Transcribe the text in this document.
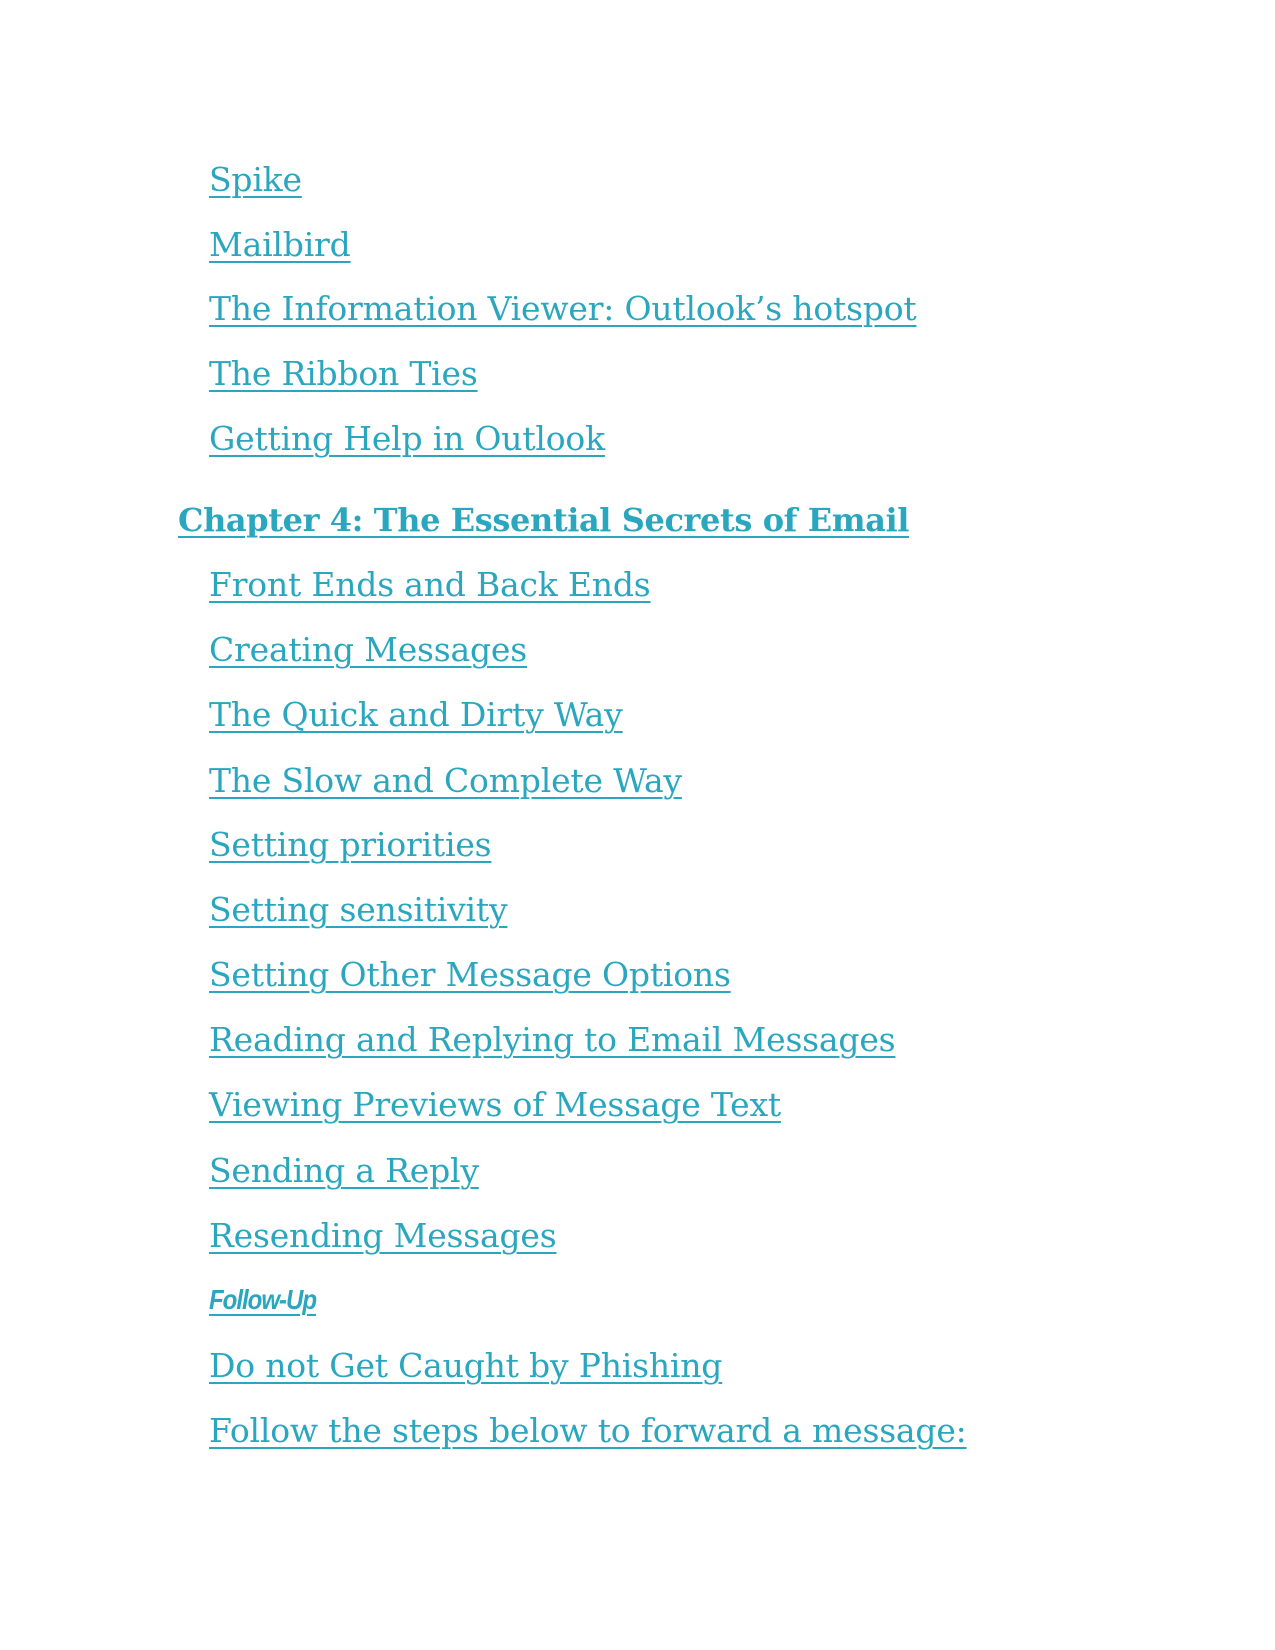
Spike
Mailbird
The Information Viewer: Outlook’s hotspot
The Ribbon Ties
Getting Help in Outlook
Chapter 4: The Essential Secrets of Email
Front Ends and Back Ends
Creating Messages
The Quick and Dirty Way
The Slow and Complete Way
Setting priorities
Setting sensitivity
Setting Other Message Options
Reading and Replying to Email Messages
Viewing Previews of Message Text
Sending a Reply
Resending Messages
Follow-Up
Do not Get Caught by Phishing
Follow the steps below to forward a message:
